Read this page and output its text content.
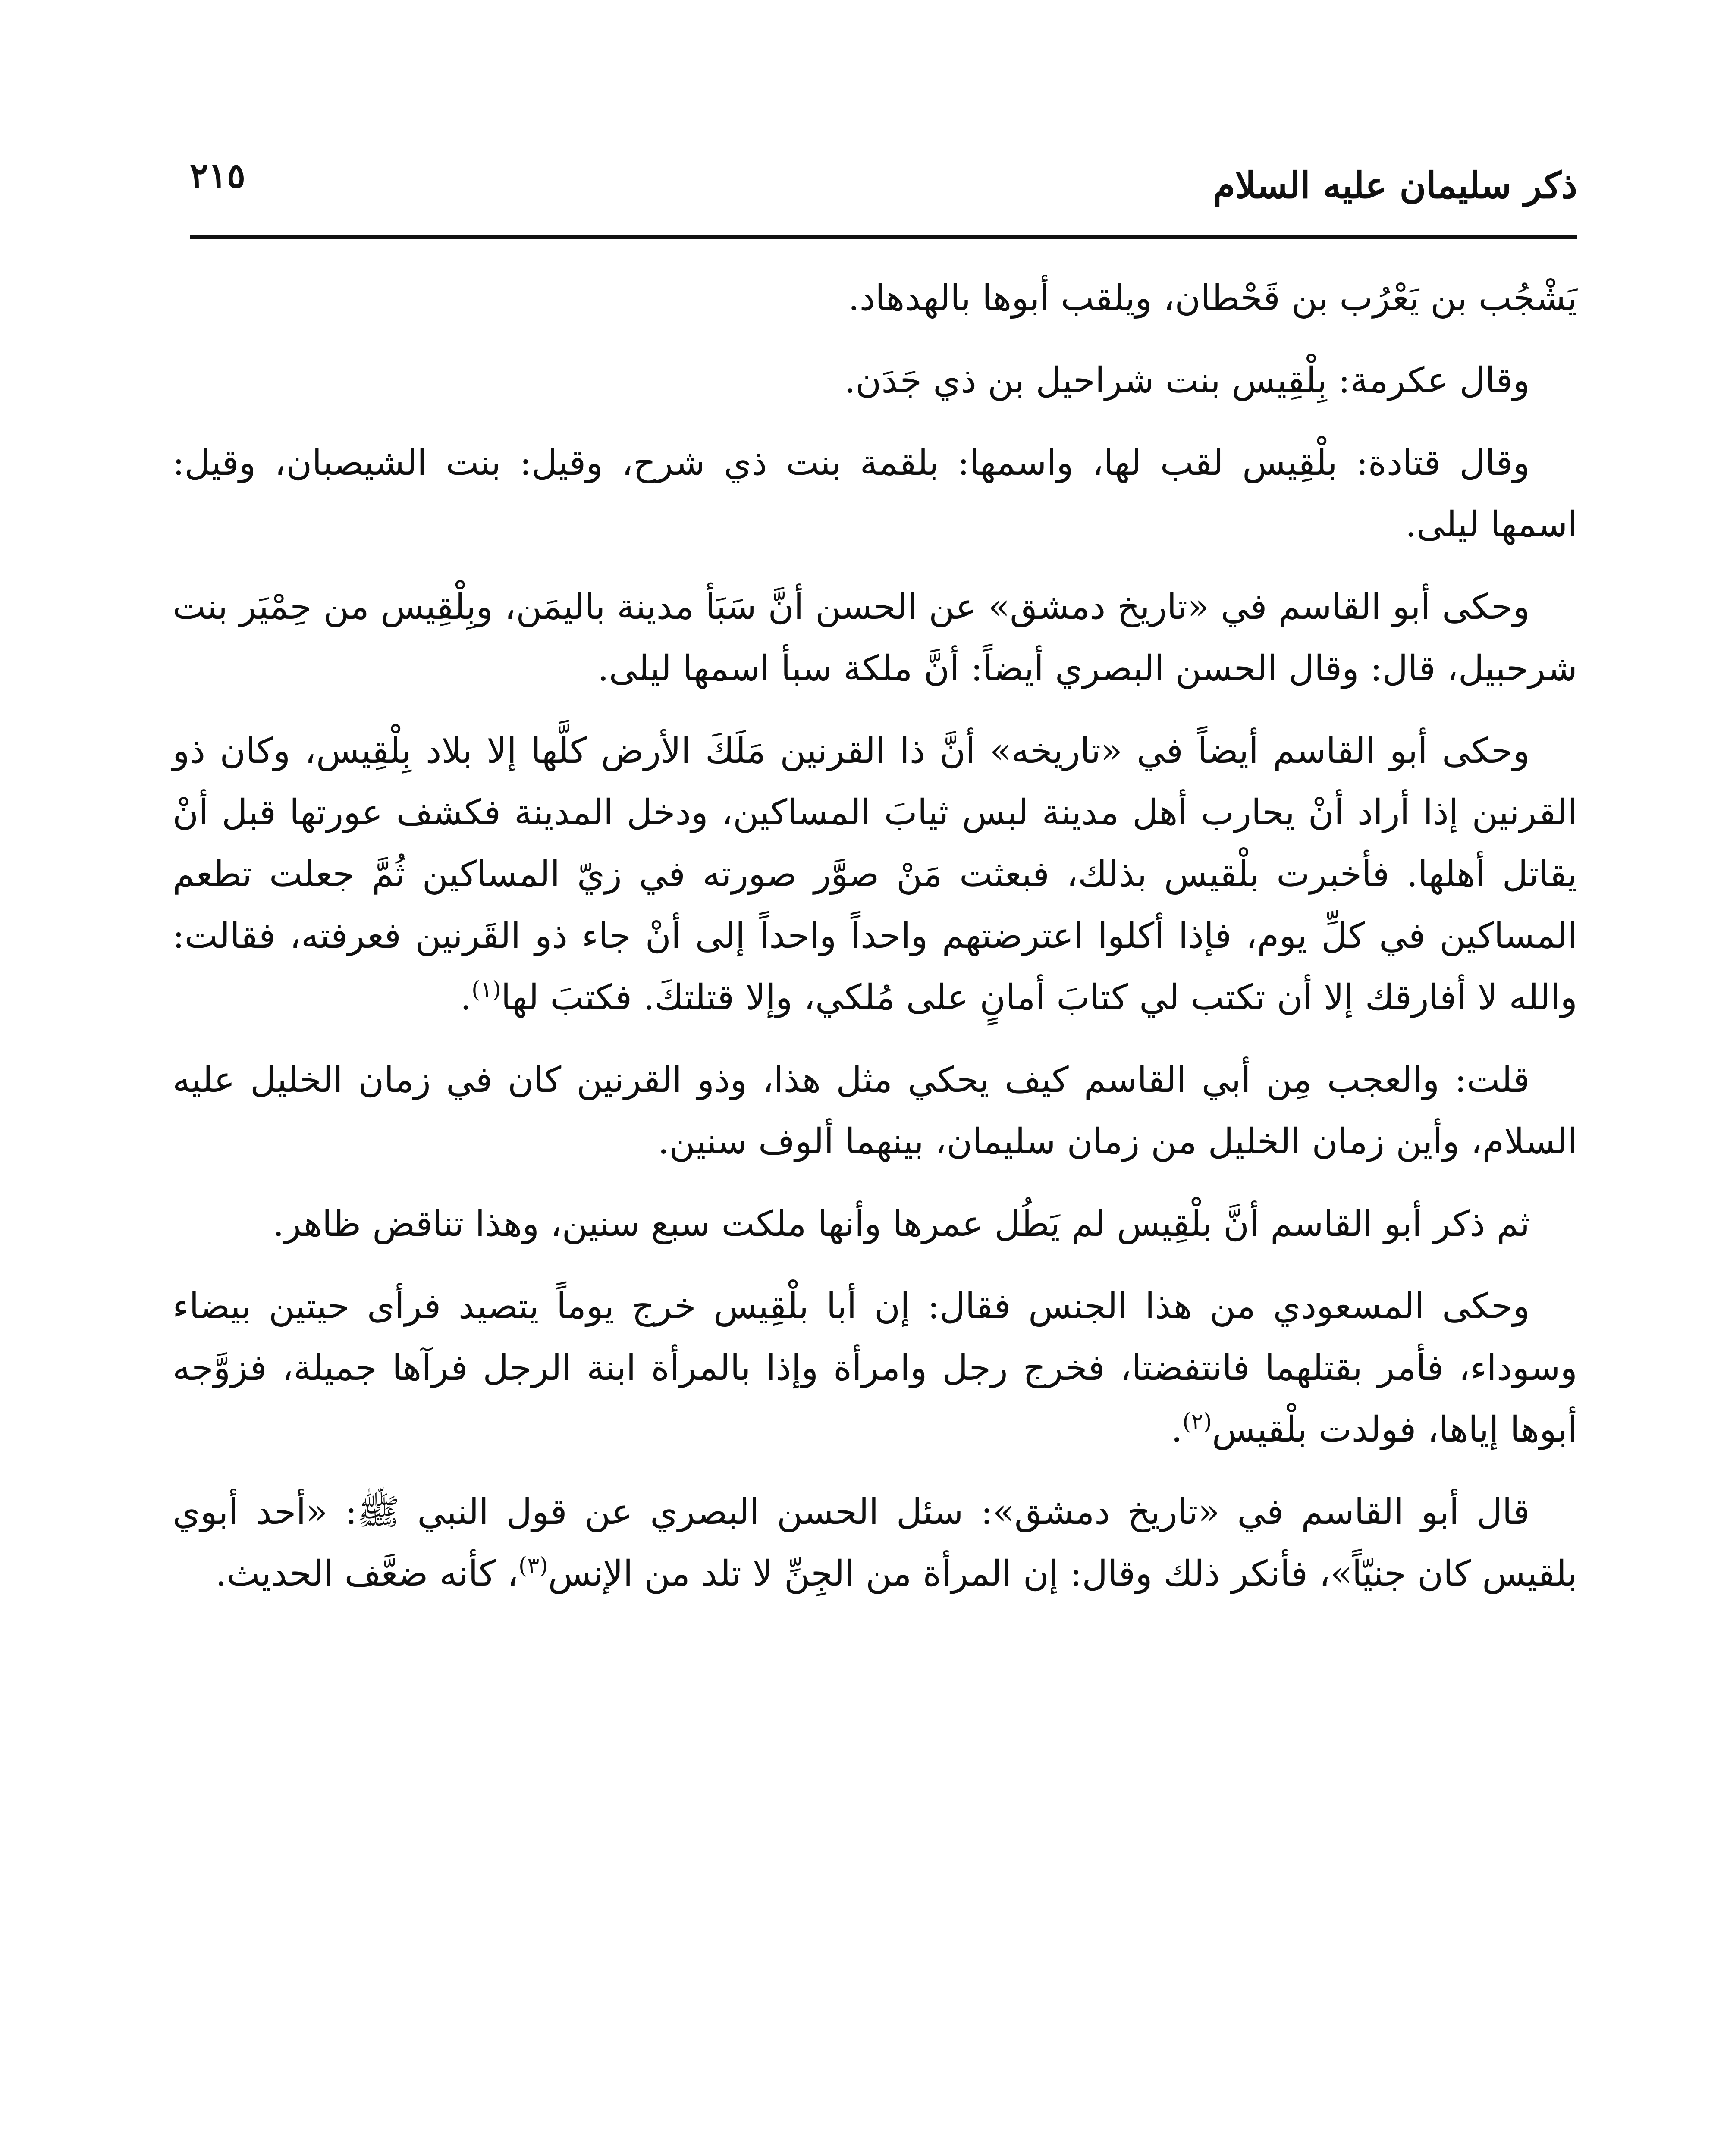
٢١٥	ذكر سليمان عليه السلام

يَشْجُب بن يَعْرُب بن قَحْطان، ويلقب أبوها بالهدهاد.

وقال عكرمة: بِلْقِيس بنت شراحيل بن ذي جَدَن.

وقال قتادة: بلْقِيس لقب لها، واسمها: بلقمة بنت ذي شرح، وقيل: بنت الشيصبان، وقيل: اسمها ليلى.

وحكى أبو القاسم في «تاريخ دمشق» عن الحسن أنَّ سَبَأ مدينة باليمَن، وبِلْقِيس من حِمْيَر بنت شرحبيل، قال: وقال الحسن البصري أيضاً: أنَّ ملكة سبأ اسمها ليلى.

وحكى أبو القاسم أيضاً في «تاريخه» أنَّ ذا القرنين مَلَكَ الأرض كلَّها إلا بلاد بِلْقِيس، وكان ذو القرنين إذا أراد أنْ يحارب أهل مدينة لبس ثيابَ المساكين، ودخل المدينة فكشف عورتها قبل أنْ يقاتل أهلها. فأخبرت بلْقيس بذلك، فبعثت مَنْ صوَّر صورته في زيّ المساكين ثُمَّ جعلت تطعم المساكين في كلِّ يوم، فإذا أكلوا اعترضتهم واحداً واحداً إلى أنْ جاء ذو القَرنين فعرفته، فقالت: والله لا أفارقك إلا أن تكتب لي كتابَ أمانٍ على مُلكي، وإلا قتلتكَ. فكتبَ لها$^{(١)}$.

قلت: والعجب مِن أبي القاسم كيف يحكي مثل هذا، وذو القرنين كان في زمان الخليل عليه السلام، وأين زمان الخليل من زمان سليمان، بينهما ألوف سنين.

ثم ذكر أبو القاسم أنَّ بلْقِيس لم يَطُل عمرها وأنها ملكت سبع سنين، وهذا تناقض ظاهر.

وحكى المسعودي من هذا الجنس فقال: إن أبا بلْقِيس خرج يوماً يتصيد فرأى حيتين بيضاء وسوداء، فأمر بقتلهما فانتفضتا، فخرج رجل وامرأة وإذا بالمرأة ابنة الرجل فرآها جميلة، فزوَّجه أبوها إياها، فولدت بلْقيس$^{(٢)}$.

قال أبو القاسم في «تاريخ دمشق»: سئل الحسن البصري عن قول النبي ﷺ: «أحد أبوي بلقيس كان جنيّاً»، فأنكر ذلك وقال: إن المرأة من الجِنِّ لا تلد من الإنس$^{(٣)}$، كأنه ضعَّف الحديث.
